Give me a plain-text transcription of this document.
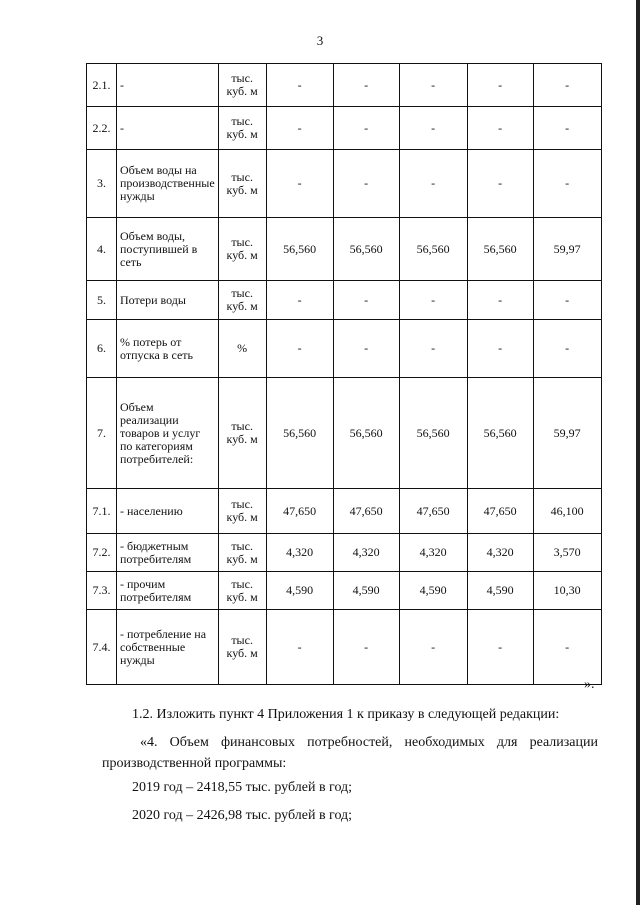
3
2.1.	-	тыс. куб. м	-	-	-	-	-
2.2.	-	тыс. куб. м	-	-	-	-	-
3.	Объем воды на производственные нужды	тыс. куб. м	-	-	-	-	-
4.	Объем воды, поступившей в сеть	тыс. куб. м	56,560	56,560	56,560	56,560	59,97
5.	Потери воды	тыс. куб. м	-	-	-	-	-
6.	% потерь от отпуска в сеть	%	-	-	-	-	-
7.	Объем реализации товаров и услуг по категориям потребителей:	тыс. куб. м	56,560	56,560	56,560	56,560	59,97
7.1.	- населению	тыс. куб. м	47,650	47,650	47,650	47,650	46,100
7.2.	- бюджетным потребителям	тыс. куб. м	4,320	4,320	4,320	4,320	3,570
7.3.	- прочим потребителям	тыс. куб. м	4,590	4,590	4,590	4,590	10,30
7.4.	- потребление на собственные нужды	тыс. куб. м	-	-	-	-	-
».
1.2. Изложить пункт 4 Приложения 1 к приказу в следующей редакции:
«4. Объем финансовых потребностей, необходимых для реализации
производственной программы:
2019 год – 2418,55 тыс. рублей в год;
2020 год – 2426,98 тыс. рублей в год;
